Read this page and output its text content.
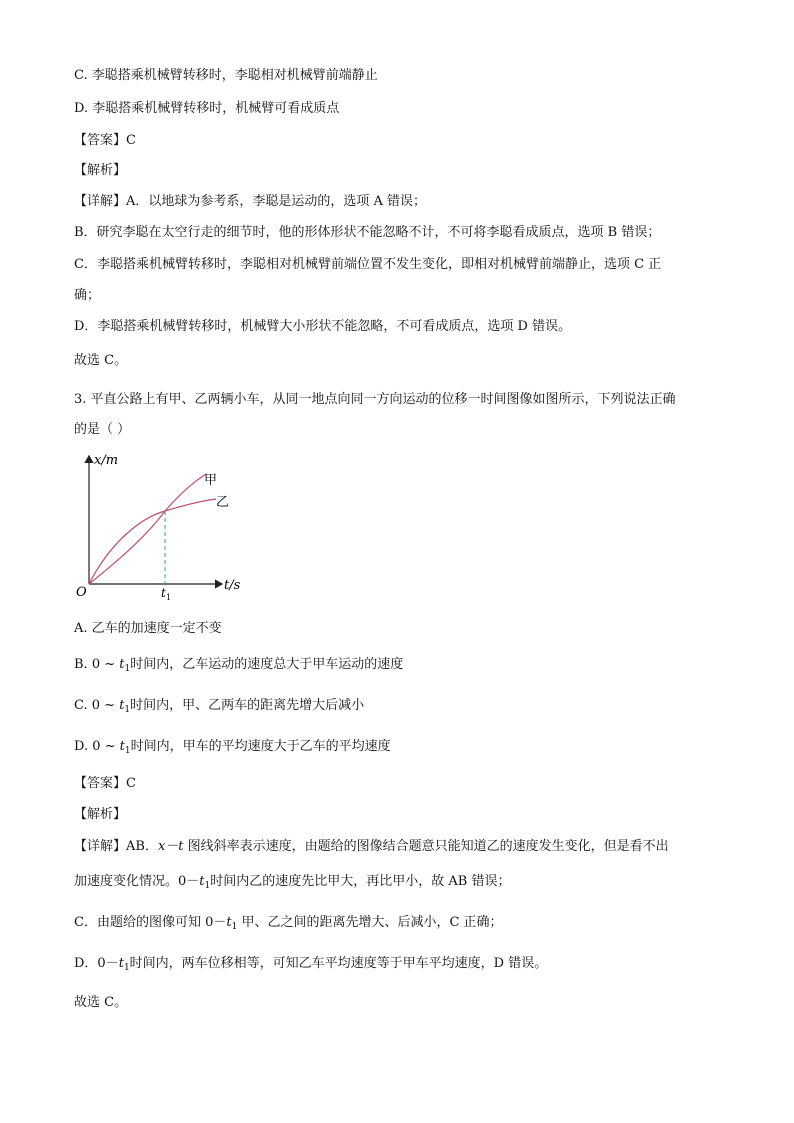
C. 李聪搭乘机械臂转移时，李聪相对机械臂前端静止
D. 李聪搭乘机械臂转移时，机械臂可看成质点
【答案】C
【解析】
【详解】A．以地球为参考系，李聪是运动的，选项 A 错误；
B．研究李聪在太空行走的细节时，他的形体形状不能忽略不计，不可将李聪看成质点，选项 B 错误；
C．李聪搭乘机械臂转移时，李聪相对机械臂前端位置不发生变化，即相对机械臂前端静止，选项 C 正
确；
D．李聪搭乘机械臂转移时，机械臂大小形状不能忽略，不可看成质点，选项 D 错误。
故选 C。
3. 平直公路上有甲、乙两辆小车，从同一地点向同一方向运动的位移一时间图像如图所示，下列说法正确
的是（ ）
x/m
t/s
O	t 1
甲
乙
A. 乙车的加速度一定不变
B. 0 ~ $t_1$时间内，乙车运动的速度总大于甲车运动的速度
C. 0 ~ $t_1$时间内，甲、乙两车的距离先增大后减小
D. 0 ~ $t_1$时间内，甲车的平均速度大于乙车的平均速度
【答案】C
【解析】
【详解】AB．x－t 图线斜率表示速度，由题给的图像结合题意只能知道乙的速度发生变化，但是看不出
加速度变化情况。$0-t_1$时间内乙的速度先比甲大，再比甲小，故 AB 错误；
C．由题给的图像可知 $0-t_1$ 甲、乙之间的距离先增大、后减小，C 正确；
D．$0-t_1$时间内，两车位移相等，可知乙车平均速度等于甲车平均速度，D 错误。
故选 C。
